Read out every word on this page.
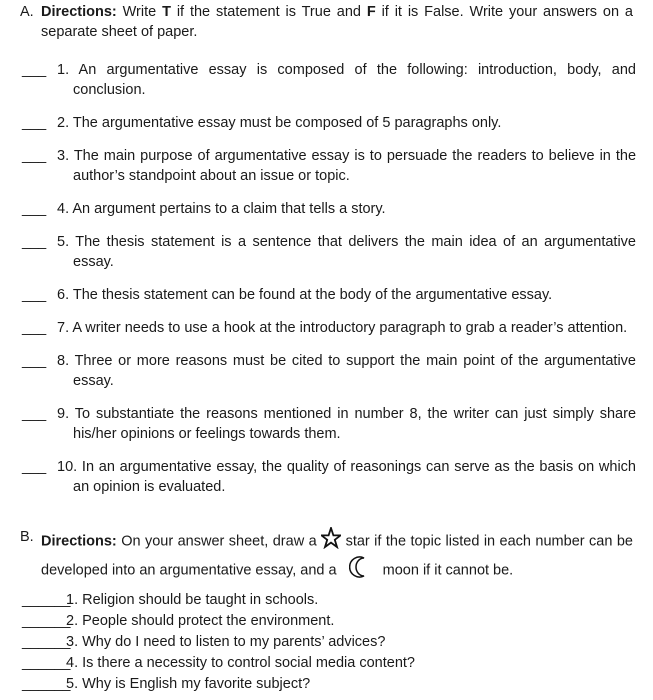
A. Directions: Write T if the statement is True and F if it is False. Write your answers on a separate sheet of paper.
___ 1. An argumentative essay is composed of the following: introduction, body, and conclusion.
___ 2. The argumentative essay must be composed of 5 paragraphs only.
___ 3. The main purpose of argumentative essay is to persuade the readers to believe in the author’s standpoint about an issue or topic.
___ 4. An argument pertains to a claim that tells a story.
___ 5. The thesis statement is a sentence that delivers the main idea of an argumentative essay.
___ 6. The thesis statement can be found at the body of the argumentative essay.
___ 7. A writer needs to use a hook at the introductory paragraph to grab a reader’s attention.
___ 8. Three or more reasons must be cited to support the main point of the argumentative essay.
___ 9. To substantiate the reasons mentioned in number 8, the writer can just simply share his/her opinions or feelings towards them.
___ 10. In an argumentative essay, the quality of reasonings can serve as the basis on which an opinion is evaluated.
B. Directions: On your answer sheet, draw a  star if the topic listed in each number can be developed into an argumentative essay, and a	moon if it cannot be.
______
1. Religion should be taught in schools.
______
2. People should protect the environment.
______
3. Why do I need to listen to my parents’ advices?
______
4. Is there a necessity to control social media content?
______
5. Why is English my favorite subject?
